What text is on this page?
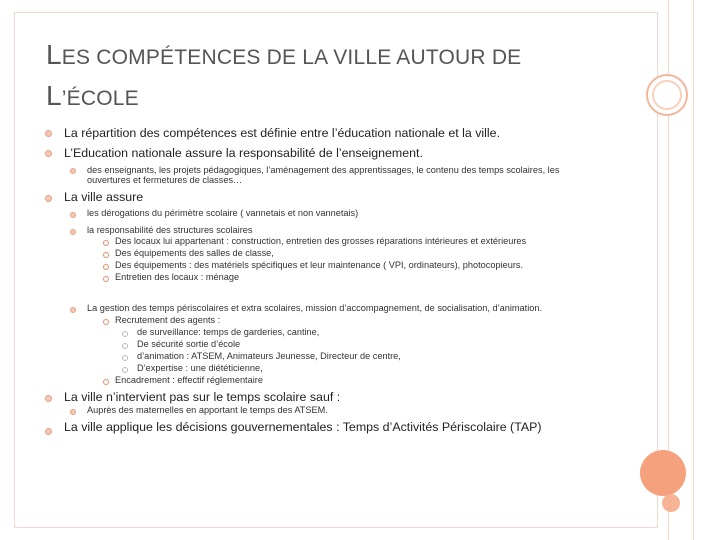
LES COMPÉTENCES DE LA VILLE AUTOUR DE
L’ÉCOLE
La répartition des compétences est définie entre l’éducation nationale et la ville.
L’Education nationale assure la responsabilité de l’enseignement.
des enseignants, les projets pédagogiques, l’aménagement des apprentissages, le contenu des temps scolaires, les
ouvertures et fermetures de classes…
La ville assure
les dérogations du périmètre scolaire ( vannetais et non vannetais)
la responsabilité des structures scolaires
Des locaux lui appartenant : construction, entretien des grosses réparations intérieures et extérieures
Des équipements des salles de classe,
Des équipements : des matériels spécifiques et leur maintenance ( VPI, ordinateurs), photocopieurs.
Entretien des locaux : ménage
La gestion des temps périscolaires et extra scolaires, mission d’accompagnement, de socialisation, d’animation.
Recrutement des agents :
de surveillance: temps de garderies, cantine,
De sécurité sortie d’école
d’animation : ATSEM, Animateurs Jeunesse, Directeur de centre,
D’expertise : une diététicienne,
Encadrement : effectif réglementaire
La ville n’intervient pas sur le temps scolaire sauf :
Auprès des maternelles en apportant le temps des ATSEM.
La ville applique les décisions gouvernementales : Temps d’Activités Périscolaire (TAP)
